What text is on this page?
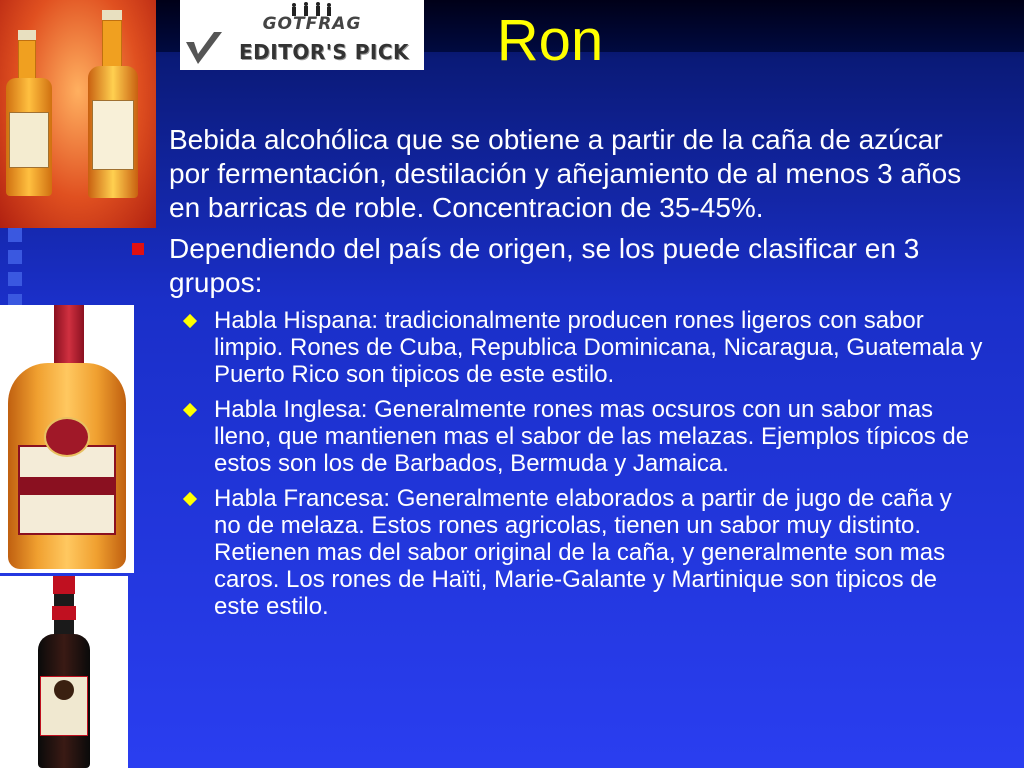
GOTFRAG
EDITOR'S PICK	Ron
Bebida alcohólica que se obtiene a partir de la caña de azúcar por fermentación, destilación y añejamiento de al menos 3 años en barricas de roble. Concentracion de 35-45%.
Dependiendo del país de origen, se los puede clasificar en 3 grupos:
Habla Hispana: tradicionalmente producen rones ligeros con sabor limpio. Rones de Cuba, Republica Dominicana, Nicaragua, Guatemala y Puerto Rico son tipicos de este estilo.
Habla Inglesa: Generalmente rones mas ocsuros con un sabor mas lleno, que mantienen mas el sabor de las melazas. Ejemplos típicos de estos son los de Barbados, Bermuda y Jamaica.
Habla Francesa: Generalmente elaborados a partir de jugo de caña y no de melaza. Estos rones agricolas, tienen un sabor muy distinto. Retienen mas del sabor original de la caña, y generalmente son mas caros. Los rones de Haïti, Marie-Galante y Martinique son tipicos de este estilo.
